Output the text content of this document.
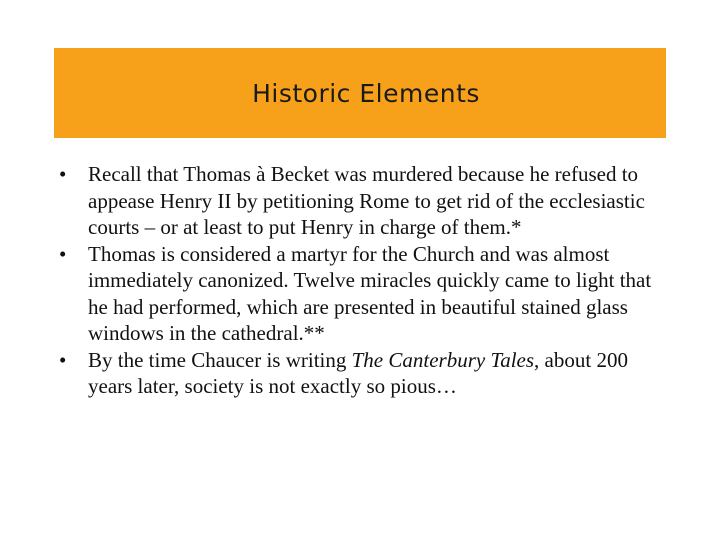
Historic Elements
• Recall that Thomas à Becket was murdered because he refused to appease Henry II by petitioning Rome to get rid of the ecclesiastic courts – or at least to put Henry in charge of them.*
• Thomas is considered a martyr for the Church and was almost immediately canonized. Twelve miracles quickly came to light that he had performed, which are presented in beautiful stained glass windows in the cathedral.**
• By the time Chaucer is writing The Canterbury Tales, about 200 years later, society is not exactly so pious…
